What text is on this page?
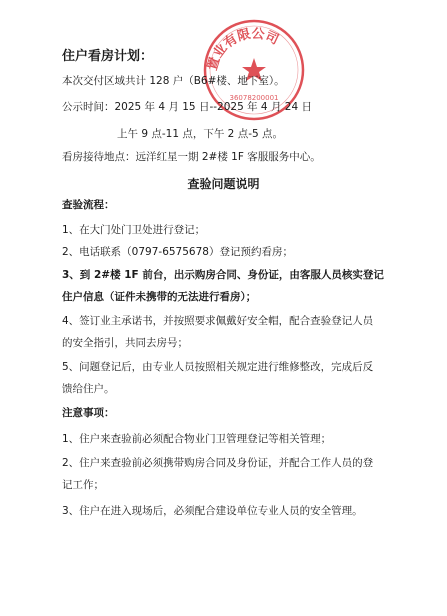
置业有限公司
36078200001
住户看房计划：
本次交付区域共计 128 户（B6#楼、地下室）。
公示时间：2025 年 4 月 15 日--2025 年 4 月 24 日
上午 9 点-11 点，下午 2 点-5 点。
看房接待地点：远洋红星一期 2#楼 1F 客服服务中心。
查验问题说明
查验流程：
1、在大门处门卫处进行登记；
2、电话联系（0797-6575678）登记预约看房；
3、到 2#楼 1F 前台，出示购房合同、身份证，由客服人员核实登记
住户信息（证件未携带的无法进行看房）；
4、签订业主承诺书，并按照要求佩戴好安全帽，配合查验登记人员
的安全指引，共同去房号；
5、问题登记后，由专业人员按照相关规定进行维修整改，完成后反
馈给住户。
注意事项：
1、住户来查验前必须配合物业门卫管理登记等相关管理；
2、住户来查验前必须携带购房合同及身份证，并配合工作人员的登
记工作；
3、住户在进入现场后，必须配合建设单位专业人员的安全管理。
